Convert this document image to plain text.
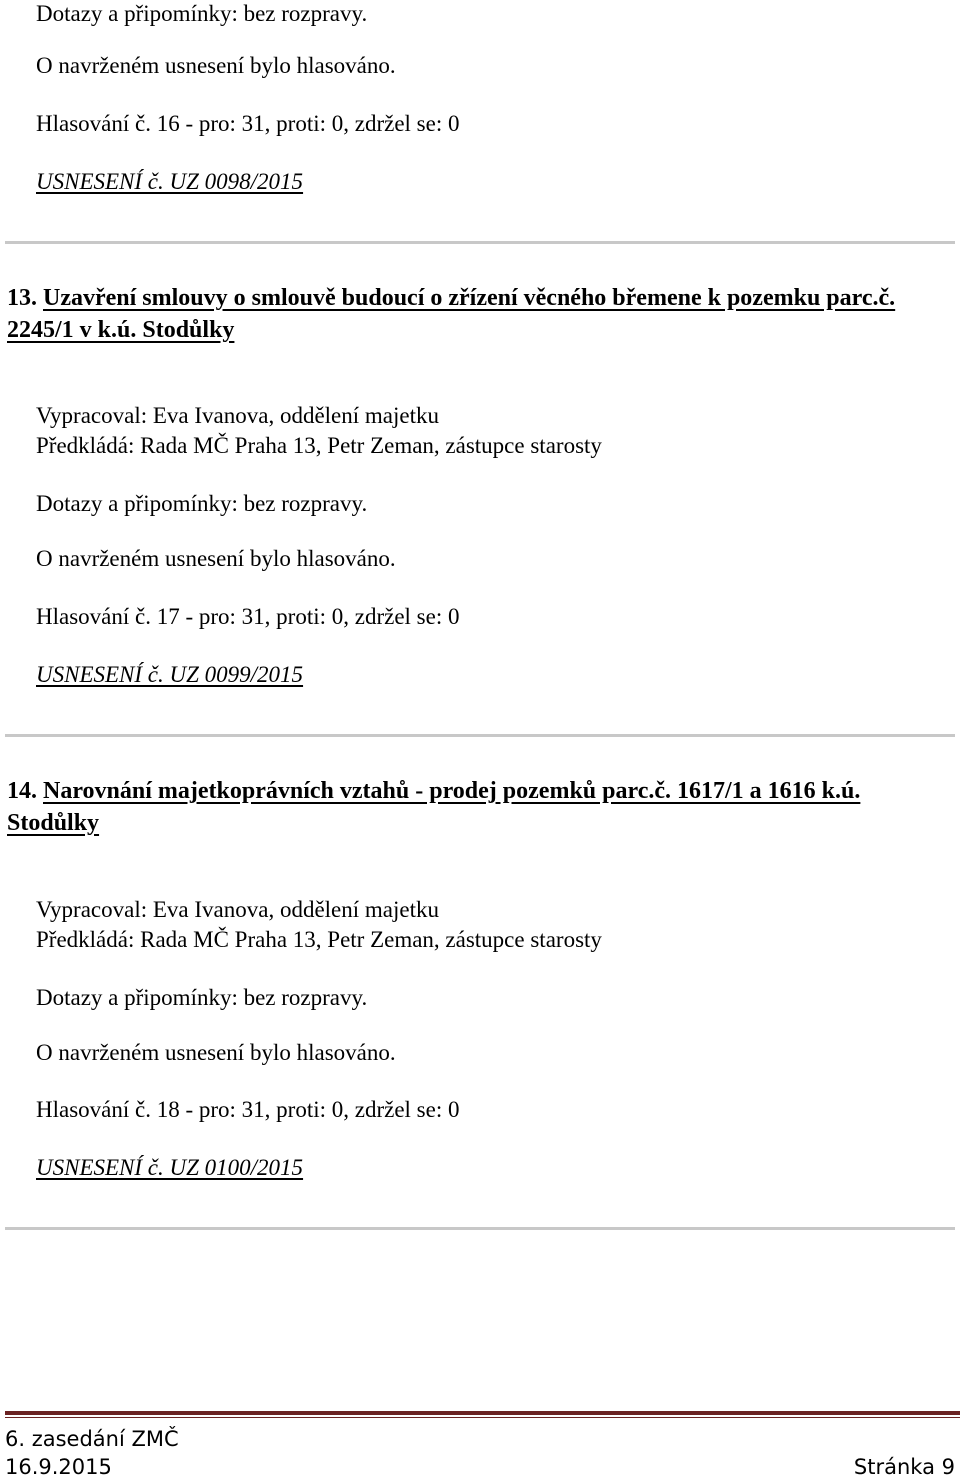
Dotazy a připomínky: bez rozpravy.
O navrženém usnesení bylo hlasováno.
Hlasování č. 16 - pro: 31, proti: 0, zdržel se: 0
USNESENÍ č. UZ 0098/2015
13. Uzavření smlouvy o smlouvě budoucí o zřízení věcného břemene k pozemku parc.č. 2245/1 v k.ú. Stodůlky
Vypracoval: Eva Ivanova, oddělení majetku
Předkládá: Rada MČ Praha 13, Petr Zeman, zástupce starosty
Dotazy a připomínky: bez rozpravy.
O navrženém usnesení bylo hlasováno.
Hlasování č. 17 - pro: 31, proti: 0, zdržel se: 0
USNESENÍ č. UZ 0099/2015
14. Narovnání majetkoprávních vztahů - prodej pozemků parc.č. 1617/1 a 1616 k.ú. Stodůlky
Vypracoval: Eva Ivanova, oddělení majetku
Předkládá: Rada MČ Praha 13, Petr Zeman, zástupce starosty
Dotazy a připomínky: bez rozpravy.
O navrženém usnesení bylo hlasováno.
Hlasování č. 18 - pro: 31, proti: 0, zdržel se: 0
USNESENÍ č. UZ 0100/2015
6. zasedání ZMČ
16.9.2015	Stránka 9
